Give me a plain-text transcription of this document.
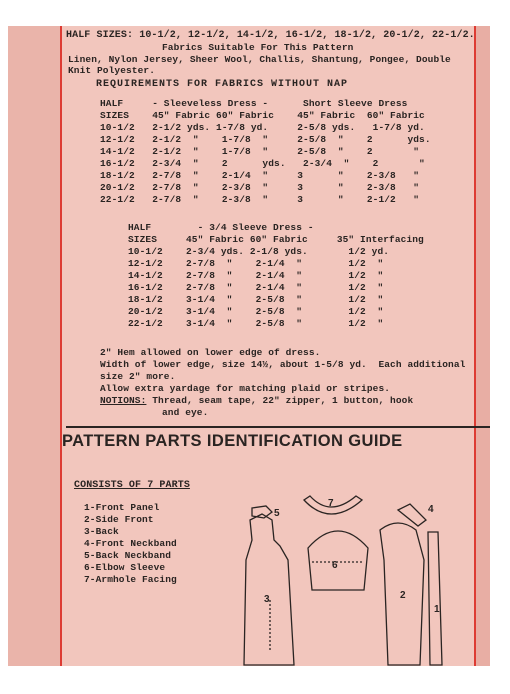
HALF SIZES: 10-1/2, 12-1/2, 14-1/2, 16-1/2, 18-1/2, 20-1/2, 22-1/2.
Fabrics Suitable For This Pattern
Linen, Nylon Jersey, Sheer Wool, Challis, Shantung, Pongee, Double
Knit Polyester.
REQUIREMENTS FOR FABRICS WITHOUT NAP
HALF     - Sleeveless Dress -      Short Sleeve Dress
SIZES    45" Fabric 60" Fabric    45" Fabric  60" Fabric
10-1/2   2-1/2 yds. 1-7/8 yd.     2-5/8 yds.   1-7/8 yd.
12-1/2   2-1/2  "    1-7/8  "     2-5/8  "    2      yds.
14-1/2   2-1/2  "    1-7/8  "     2-5/8  "    2       "
16-1/2   2-3/4  "    2      yds.   2-3/4  "    2       "
18-1/2   2-7/8  "    2-1/4  "     3      "    2-3/8   "
20-1/2   2-7/8  "    2-3/8  "     3      "    2-3/8   "
22-1/2   2-7/8  "    2-3/8  "     3      "    2-1/2   "
HALF        - 3/4 Sleeve Dress -
SIZES     45" Fabric 60" Fabric     35" Interfacing
10-1/2    2-3/4 yds. 2-1/8 yds.       1/2 yd.
12-1/2    2-7/8  "    2-1/4  "        1/2  "
14-1/2    2-7/8  "    2-1/4  "        1/2  "
16-1/2    2-7/8  "    2-1/4  "        1/2  "
18-1/2    3-1/4  "    2-5/8  "        1/2  "
20-1/2    3-1/4  "    2-5/8  "        1/2  "
22-1/2    3-1/4  "    2-5/8  "        1/2  "
2" Hem allowed on lower edge of dress.
Width of lower edge, size 14½, about 1-5/8 yd.  Each additional
size 2" more.
Allow extra yardage for matching plaid or stripes.
NOTIONS: Thread, seam tape, 22" zipper, 1 button, hook
and eye.
PATTERN PARTS IDENTIFICATION GUIDE
CONSISTS OF 7 PARTS
1-Front Panel
2-Side Front
3-Back
4-Front Neckband
5-Back Neckband
6-Elbow Sleeve
7-Armhole Facing
1
2
3
4
5
6
7
